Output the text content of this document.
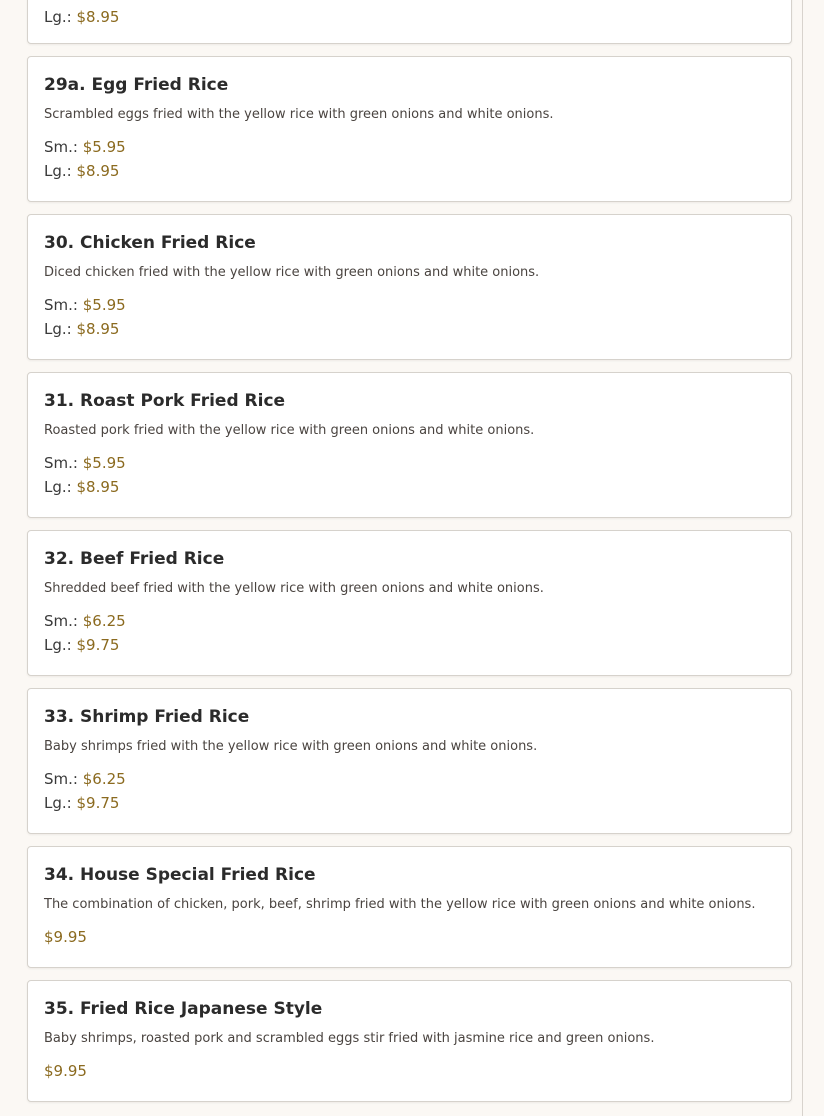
Lg.: $8.95
29a. Egg Fried Rice
Scrambled eggs fried with the yellow rice with green onions and white onions.
Sm.: $5.95
Lg.: $8.95
30. Chicken Fried Rice
Diced chicken fried with the yellow rice with green onions and white onions.
Sm.: $5.95
Lg.: $8.95
31. Roast Pork Fried Rice
Roasted pork fried with the yellow rice with green onions and white onions.
Sm.: $5.95
Lg.: $8.95
32. Beef Fried Rice
Shredded beef fried with the yellow rice with green onions and white onions.
Sm.: $6.25
Lg.: $9.75
33. Shrimp Fried Rice
Baby shrimps fried with the yellow rice with green onions and white onions.
Sm.: $6.25
Lg.: $9.75
34. House Special Fried Rice
The combination of chicken, pork, beef, shrimp fried with the yellow rice with green onions and white onions.
$9.95
35. Fried Rice Japanese Style
Baby shrimps, roasted pork and scrambled eggs stir fried with jasmine rice and green onions.
$9.95
